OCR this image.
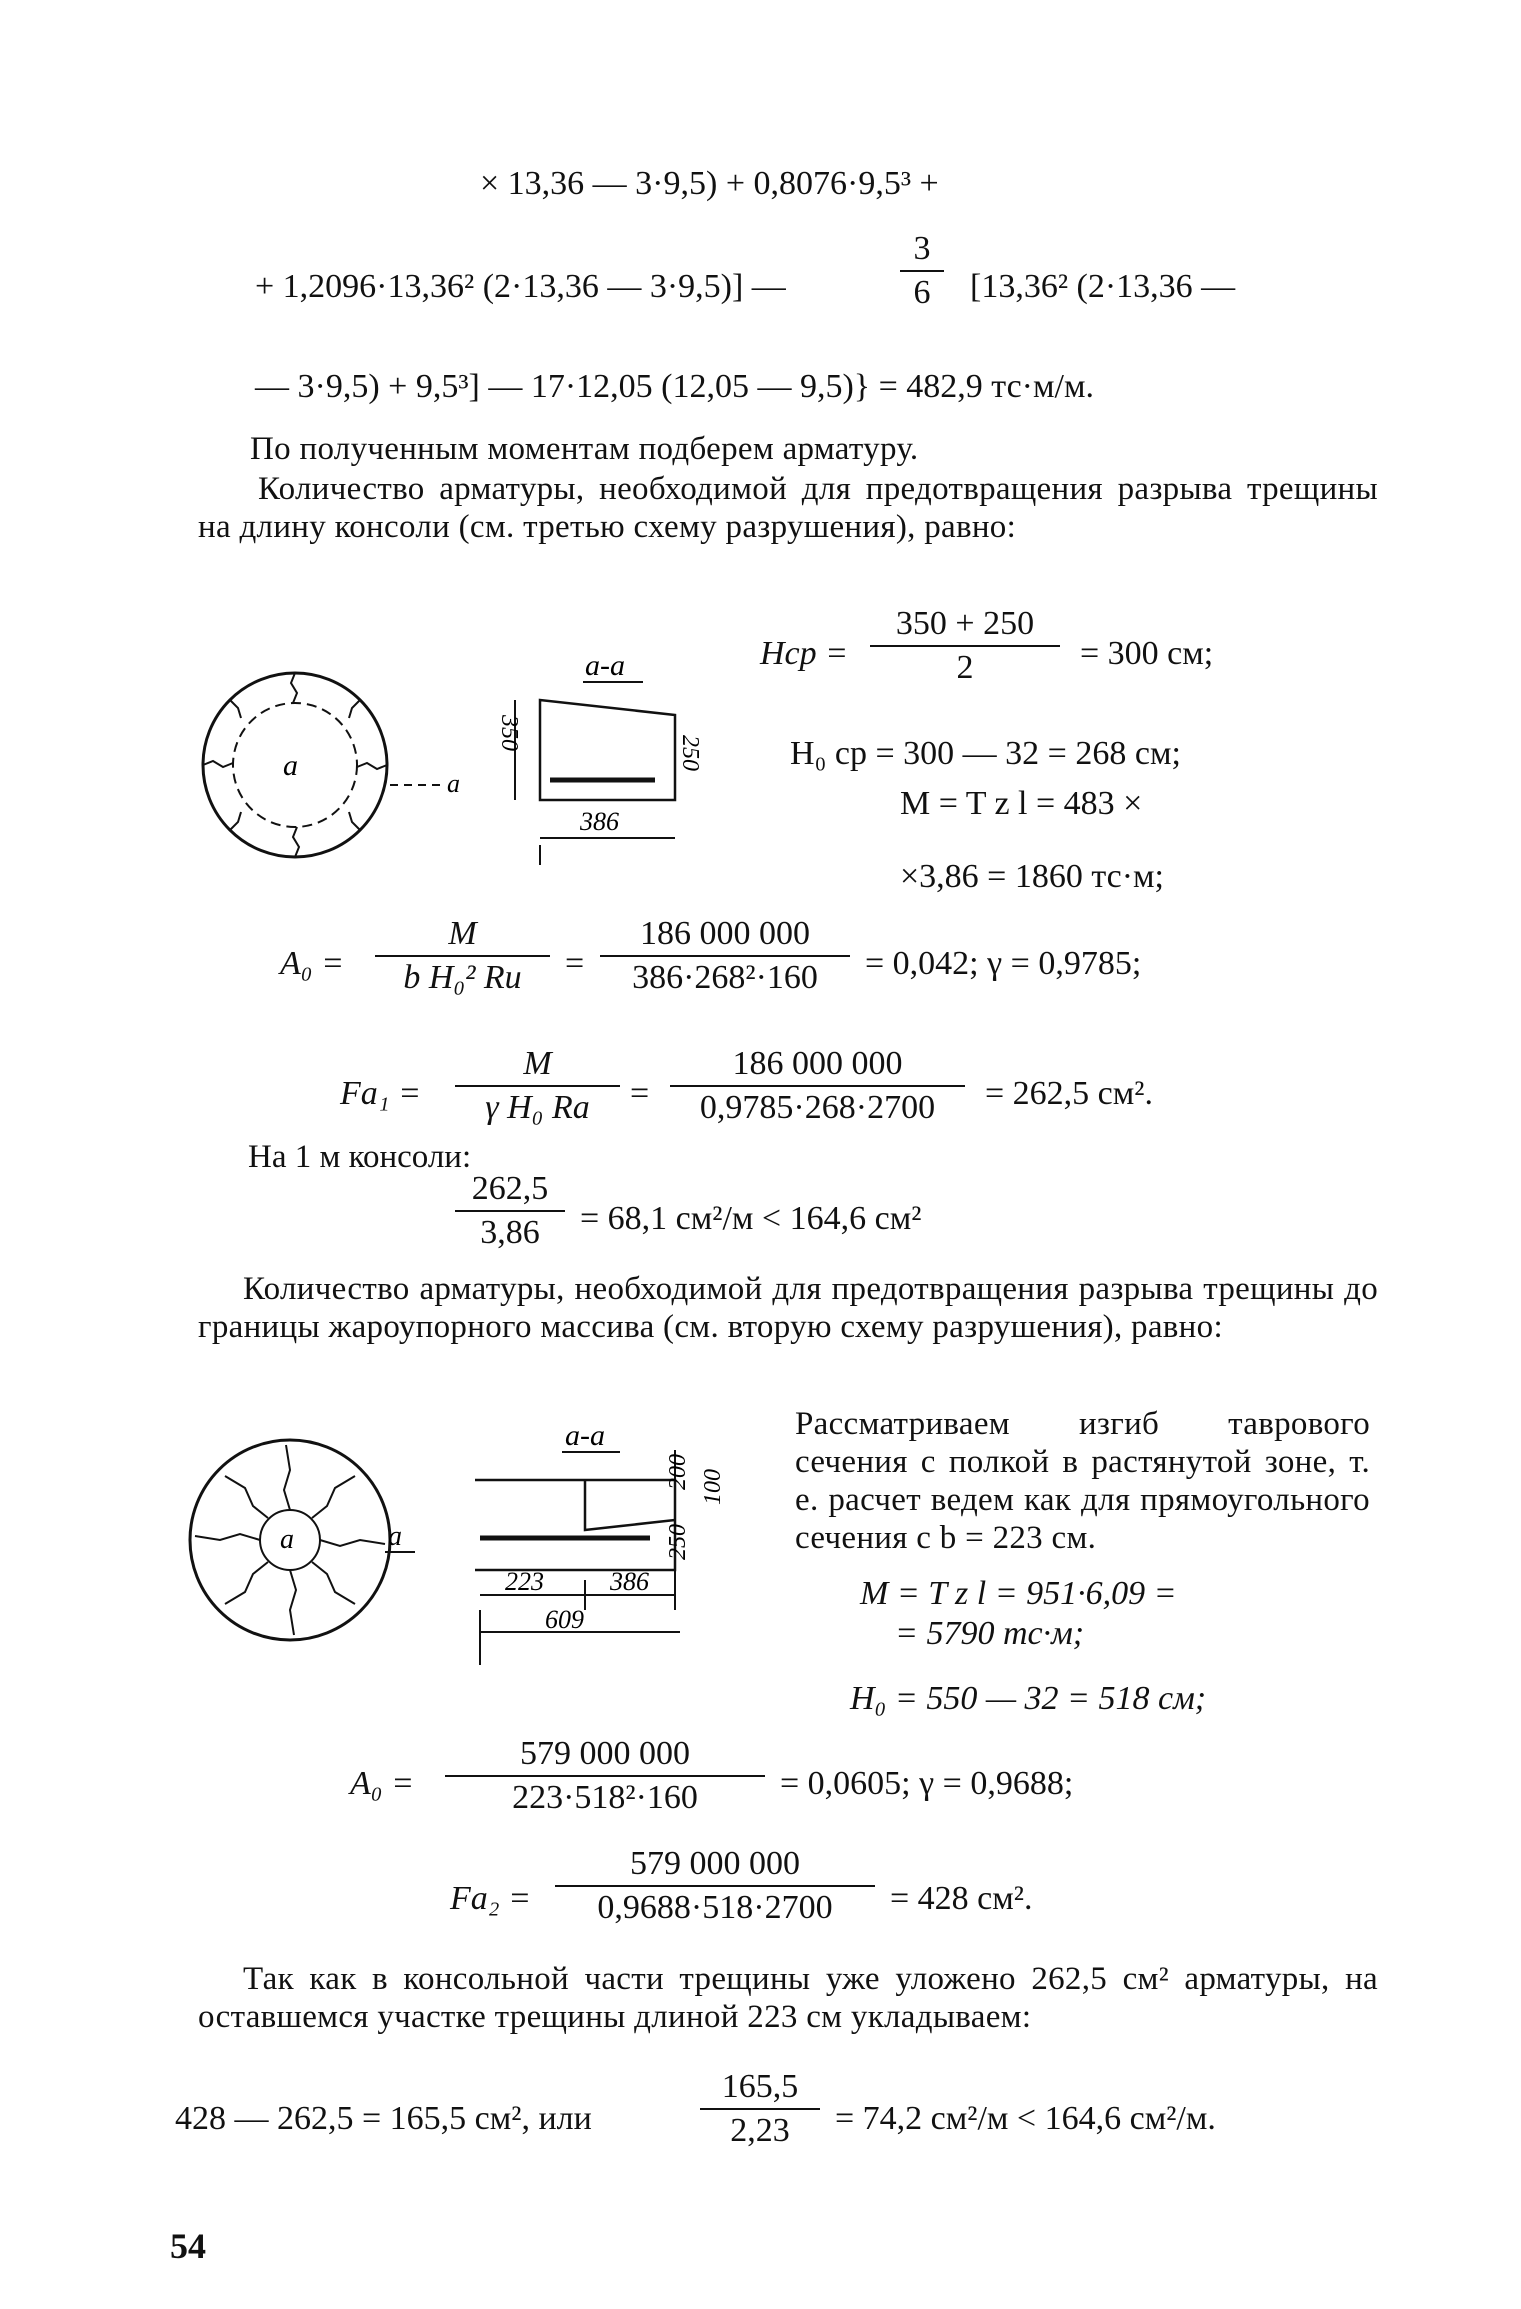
× 13,36 — 3·9,5) + 0,8076·9,5³ +
+ 1,2096·13,36² (2·13,36 — 3·9,5)] —	$\frac{3}{6} [13,36^2$ (2·13,36 —
— 3·9,5) + 9,5³] — 17·12,05 (12,05 — 9,5)} = 482,9 тс·м/м.
По полученным моментам подберем арматуру.
Количество арматуры, необходимой для предотвращения разрыва трещины на длину консоли (см. третью схему разрушения), равно:
а
а
а-а
350
250
386
Hср = $\frac{350 + 250}{2} = 300$ см;
H₀ ср = 300 — 32 = 268 см;
M = T z l = 483 ×
×3,86 = 1860 тс·м;
A₀ =
M
b H₀² Rи	= $\frac{186 000 000}{\text{386·268²·160}} = 0,042$; γ = 0,9785;
Fа₁ =
M
γ H₀ Rа	= $\frac{186 000 000}{0,9785\cdot 268\cdot 2700} = 262,5$ см².
На 1 м консоли:
$\frac{262,5}{3,86} = 68,1$ см²/м < 164,6 см²
Количество арматуры, необходимой для предотвращения разрыва трещины до границы жароупорного массива (см. вторую схему разрушения), равно:
а	а
а-а
200 100
250
223	386
609
Рассматриваем изгиб таврового сечения с полкой в растянутой зоне, т. е. расчет ведем как для прямоугольного сечения с b = 223 см.
M = T z l = 951·6,09 =
= 5790 тс·м;
H₀ = 550 — 32 = 518 см;
$A_0 = \frac{579 000 000}{\text{223·518²·160}} = 0,0605$; γ = 0,9688;
$Fа_2 = \frac{579 000 000}{0,9688\cdot 518\cdot 2700} = 428$ см².
Так как в консольной части трещины уже уложено 262,5 см² арматуры, на оставшемся участке трещины длиной 223 см укладываем:
428 — 262,5 = 165,5 см², или	$\frac{165,5}{2,23} = 74,2$ см²/м < 164,6 см²/м.
54
